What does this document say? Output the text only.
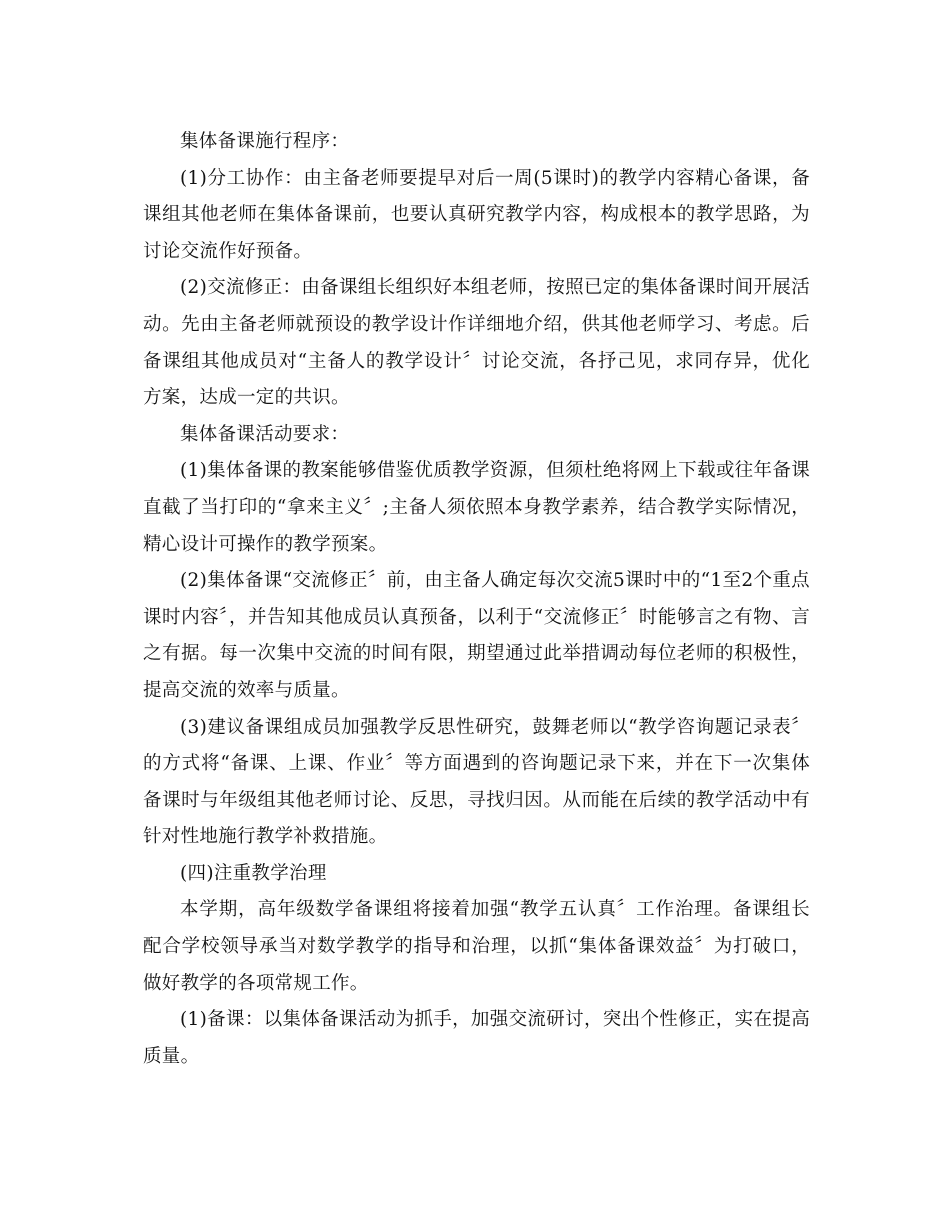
集体备课施行程序：

(1)分工协作：由主备老师要提早对后一周(5课时)的教学内容精心备课，备课组其他老师在集体备课前，也要认真研究教学内容，构成根本的教学思路，为讨论交流作好预备。

(2)交流修正：由备课组长组织好本组老师，按照已定的集体备课时间开展活动。先由主备老师就预设的教学设计作详细地介绍，供其他老师学习、考虑。后备课组其他成员对“主备人的教学设计〞讨论交流，各抒己见，求同存异，优化方案，达成一定的共识。

集体备课活动要求：

(1)集体备课的教案能够借鉴优质教学资源，但须杜绝将网上下载或往年备课直截了当打印的“拿来主义〞;主备人须依照本身教学素养，结合教学实际情况，精心设计可操作的教学预案。

(2)集体备课“交流修正〞前，由主备人确定每次交流5课时中的“1至2个重点课时内容〞，并告知其他成员认真预备，以利于“交流修正〞时能够言之有物、言之有据。每一次集中交流的时间有限，期望通过此举措调动每位老师的积极性，提高交流的效率与质量。

(3)建议备课组成员加强教学反思性研究，鼓舞老师以“教学咨询题记录表〞的方式将“备课、上课、作业〞等方面遇到的咨询题记录下来，并在下一次集体备课时与年级组其他老师讨论、反思，寻找归因。从而能在后续的教学活动中有针对性地施行教学补救措施。

(四)注重教学治理

本学期，高年级数学备课组将接着加强“教学五认真〞工作治理。备课组长配合学校领导承当对数学教学的指导和治理，以抓“集体备课效益〞为打破口，做好教学的各项常规工作。

(1)备课：以集体备课活动为抓手，加强交流研讨，突出个性修正，实在提高质量。
